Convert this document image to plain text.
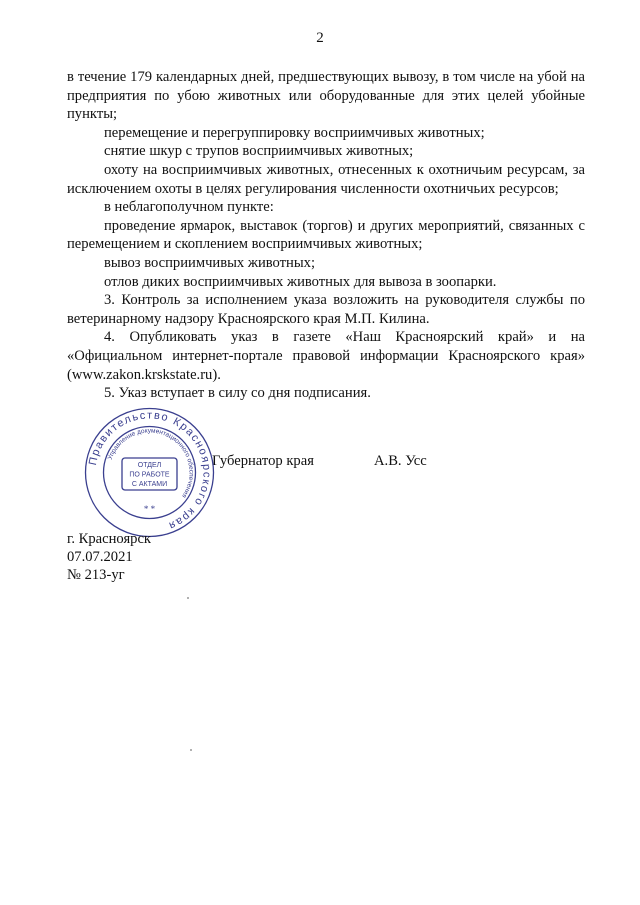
2

в течение 179 календарных дней, предшествующих вывозу, в том числе на убой на предприятия по убою животных или оборудованные для этих целей убойные пункты;

перемещение и перегруппировку восприимчивых животных;

снятие шкур с трупов восприимчивых животных;

охоту на восприимчивых животных, отнесенных к охотничьим ресурсам, за исключением охоты в целях регулирования численности охотничьих ресурсов;

в неблагополучном пункте:

проведение ярмарок, выставок (торгов) и других мероприятий, связанных с перемещением и скоплением восприимчивых животных;

вывоз восприимчивых животных;

отлов диких восприимчивых животных для вывоза в зоопарки.

3. Контроль за исполнением указа возложить на руководителя службы по ветеринарному надзору Красноярского края М.П. Килина.

4. Опубликовать указ в газете «Наш Красноярский край» и на «Официальном интернет-портале правовой информации Красноярского края» (www.zakon.krskstate.ru).

5. Указ вступает в силу со дня подписания.

Губернатор края	А.В. Усс
Правительство Красноярского края
Управление документационного обеспечения
ОТДЕЛ
ПО РАБОТЕ
С АКТАМИ
* *
г. Красноярск
07.07.2021
№ 213-уг
